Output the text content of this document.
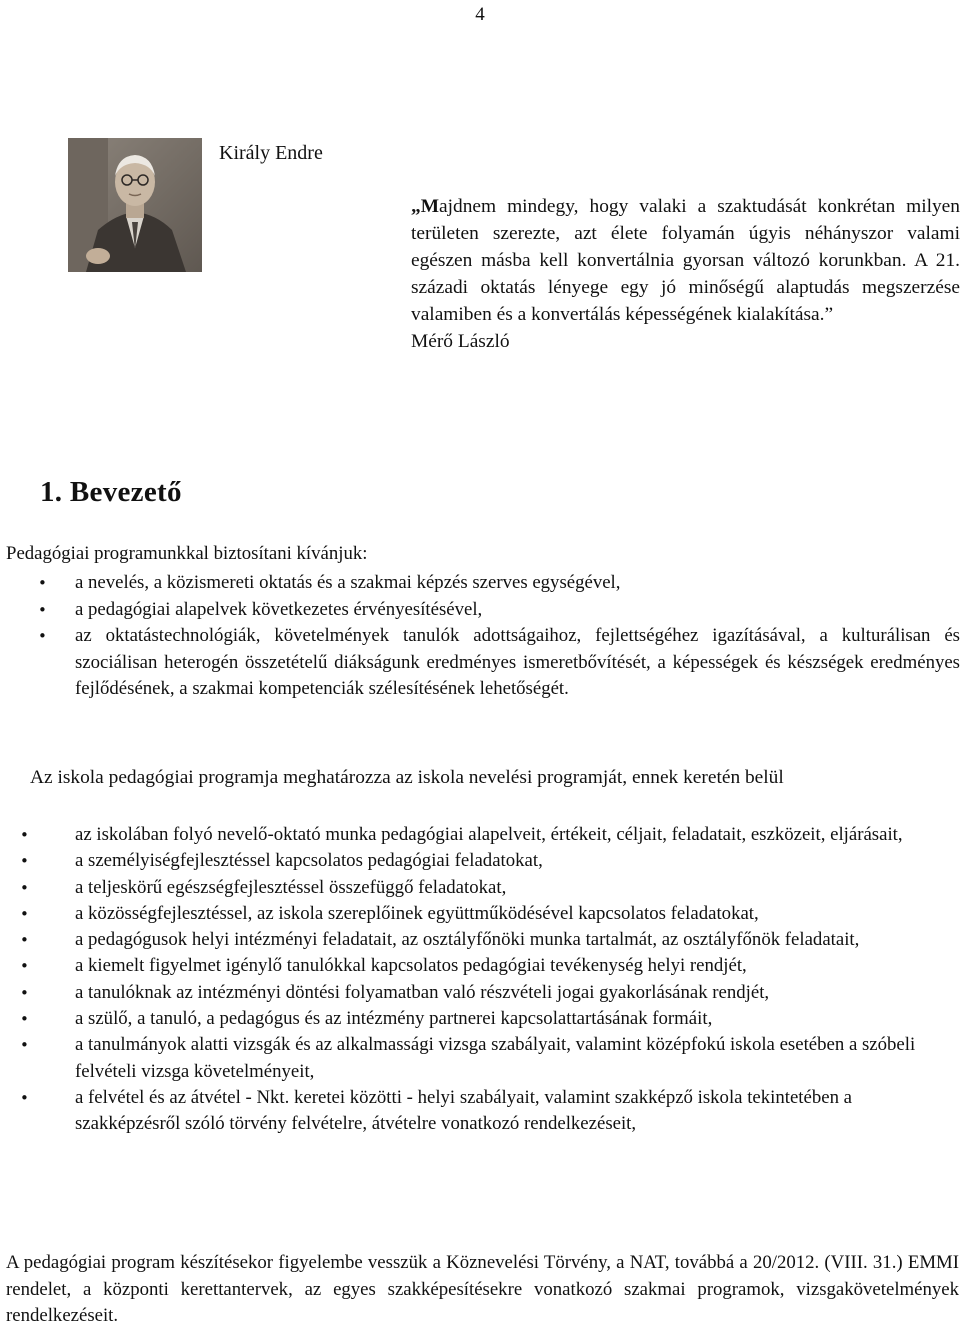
4
Király Endre

„Majdnem mindegy, hogy valaki a szaktudását konkrétan milyen területen szerezte, azt élete folyamán úgyis néhányszor valami egészen másba kell konvertálnia gyorsan változó korunkban. A 21. századi oktatás lényege egy jó minőségű alaptudás megszerzése valamiben és a konvertálás képességének kialakítása.”
Mérő László

1. Bevezető

Pedagógiai programunkkal biztosítani kívánjuk:

• a nevelés, a közismereti oktatás és a szakmai képzés szerves egységével,
• a pedagógiai alapelvek következetes érvényesítésével,
• az oktatástechnológiák, követelmények tanulók adottságaihoz, fejlettségéhez igazításával, a kulturálisan és szociálisan heterogén összetételű diákságunk eredményes ismeretbővítését, a képességek és készségek eredményes fejlődésének, a szakmai kompetenciák szélesítésének lehetőségét.

Az iskola pedagógiai programja meghatározza az iskola nevelési programját, ennek keretén belül

• az iskolában folyó nevelő-oktató munka pedagógiai alapelveit, értékeit, céljait, feladatait, eszközeit, eljárásait,
• a személyiségfejlesztéssel kapcsolatos pedagógiai feladatokat,
• a teljeskörű egészségfejlesztéssel összefüggő feladatokat,
• a közösségfejlesztéssel, az iskola szereplőinek együttműködésével kapcsolatos feladatokat,
• a pedagógusok helyi intézményi feladatait, az osztályfőnöki munka tartalmát, az osztályfőnök feladatait,
• a kiemelt figyelmet igénylő tanulókkal kapcsolatos pedagógiai tevékenység helyi rendjét,
• a tanulóknak az intézményi döntési folyamatban való részvételi jogai gyakorlásának rendjét,
• a szülő, a tanuló, a pedagógus és az intézmény partnerei kapcsolattartásának formáit,
• a tanulmányok alatti vizsgák és az alkalmassági vizsga szabályait, valamint középfokú iskola esetében a szóbeli felvételi vizsga követelményeit,
• a felvétel és az átvétel - Nkt. keretei közötti - helyi szabályait, valamint szakképző iskola tekintetében a szakképzésről szóló törvény felvételre, átvételre vonatkozó rendelkezéseit,

A pedagógiai program készítésekor figyelembe vesszük a Köznevelési Törvény, a NAT, továbbá a 20/2012. (VIII. 31.) EMMI rendelet, a központi kerettantervek, az egyes szakképesítésekre vonatkozó szakmai programok, vizsgakövetelmények rendelkezéseit.
